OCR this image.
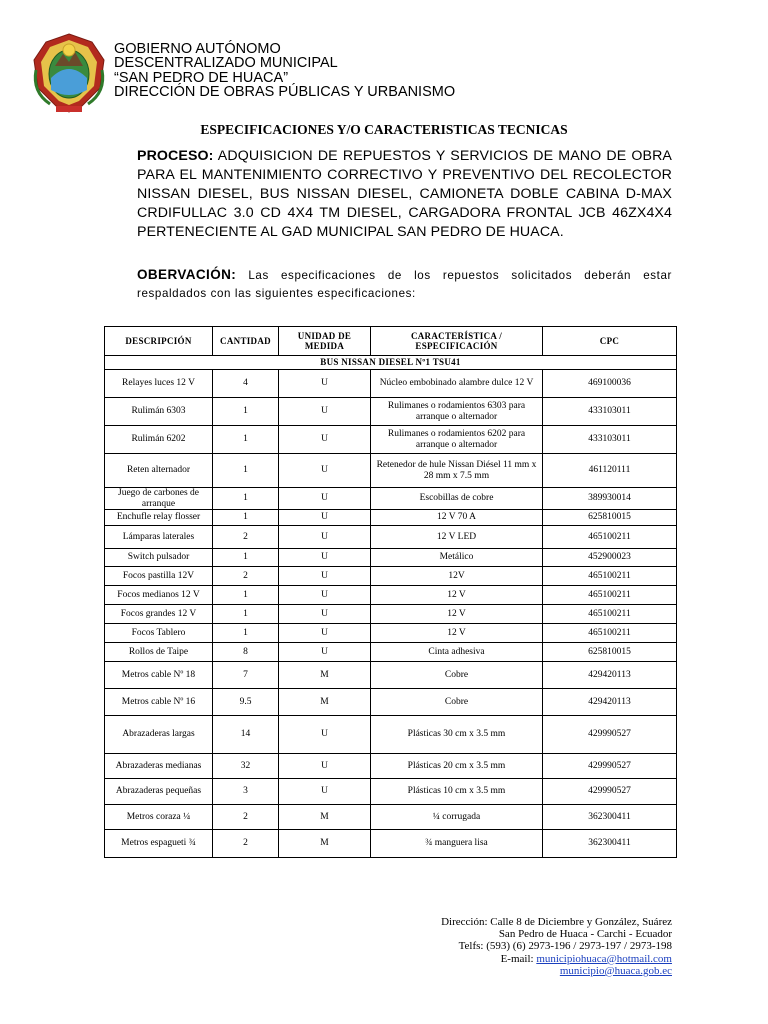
GOBIERNO AUTÓNOMO
DESCENTRALIZADO MUNICIPAL
“SAN PEDRO DE HUACA”
DIRECCIÓN DE OBRAS PÚBLICAS Y URBANISMO
ESPECIFICACIONES Y/O CARACTERISTICAS TECNICAS

PROCESO: ADQUISICION DE REPUESTOS Y SERVICIOS DE MANO DE OBRA PARA EL MANTENIMIENTO CORRECTIVO Y PREVENTIVO DEL RECOLECTOR NISSAN DIESEL, BUS NISSAN DIESEL, CAMIONETA DOBLE CABINA D-MAX CRDIFULLAC 3.0 CD 4X4 TM DIESEL, CARGADORA FRONTAL JCB 46ZX4X4 PERTENECIENTE AL GAD MUNICIPAL SAN PEDRO DE HUACA.

OBERVACIÓN: Las especificaciones de los repuestos solicitados deberán estar respaldados con las siguientes especificaciones:

DESCRIPCIÓN	CANTIDAD	UNIDAD DE MEDIDA	CARACTERÍSTICA / ESPECIFICACIÓN	CPC
BUS NISSAN DIESEL Nº1 TSU41				
Relayes luces 12 V	4	U	Núcleo embobinado alambre dulce 12 V	469100036
Rulimán 6303	1	U	Rulimanes o rodamientos 6303 para arranque o alternador	433103011
Rulimán 6202	1	U	Rulimanes o rodamientos 6202 para arranque o alternador	433103011
Reten alternador	1	U	Retenedor de hule Nissan Diésel 11 mm x 28 mm x 7.5 mm	461120111
Juego de carbones de arranque	1	U	Escobillas de cobre	389930014
Enchufle relay flosser	1	U	12 V 70 A	625810015
Lámparas laterales	2	U	12 V LED	465100211
Switch pulsador	1	U	Metálico	452900023
Focos pastilla 12V	2	U	12V	465100211
Focos medianos 12 V	1	U	12 V	465100211
Focos grandes 12 V	1	U	12 V	465100211
Focos Tablero	1	U	12 V	465100211
Rollos de Taipe	8	U	Cinta adhesiva	625810015
Metros cable Nº 18	7	M	Cobre	429420113
Metros cable Nº 16	9.5	M	Cobre	429420113
Abrazaderas largas	14	U	Plásticas 30 cm x 3.5 mm	429990527
Abrazaderas medianas	32	U	Plásticas 20 cm x 3.5 mm	429990527
Abrazaderas pequeñas	3	U	Plásticas 10 cm x 3.5 mm	429990527
Metros coraza ¼	2	M	¼ corrugada	362300411
Metros espagueti ¾	2	M	¾ manguera lisa	362300411
Dirección: Calle 8 de Diciembre y González, Suárez
San Pedro de Huaca - Carchi - Ecuador
Telfs: (593) (6) 2973-196 / 2973-197 / 2973-198
E-mail: municipiohuaca@hotmail.com
municipio@huaca.gob.ec
